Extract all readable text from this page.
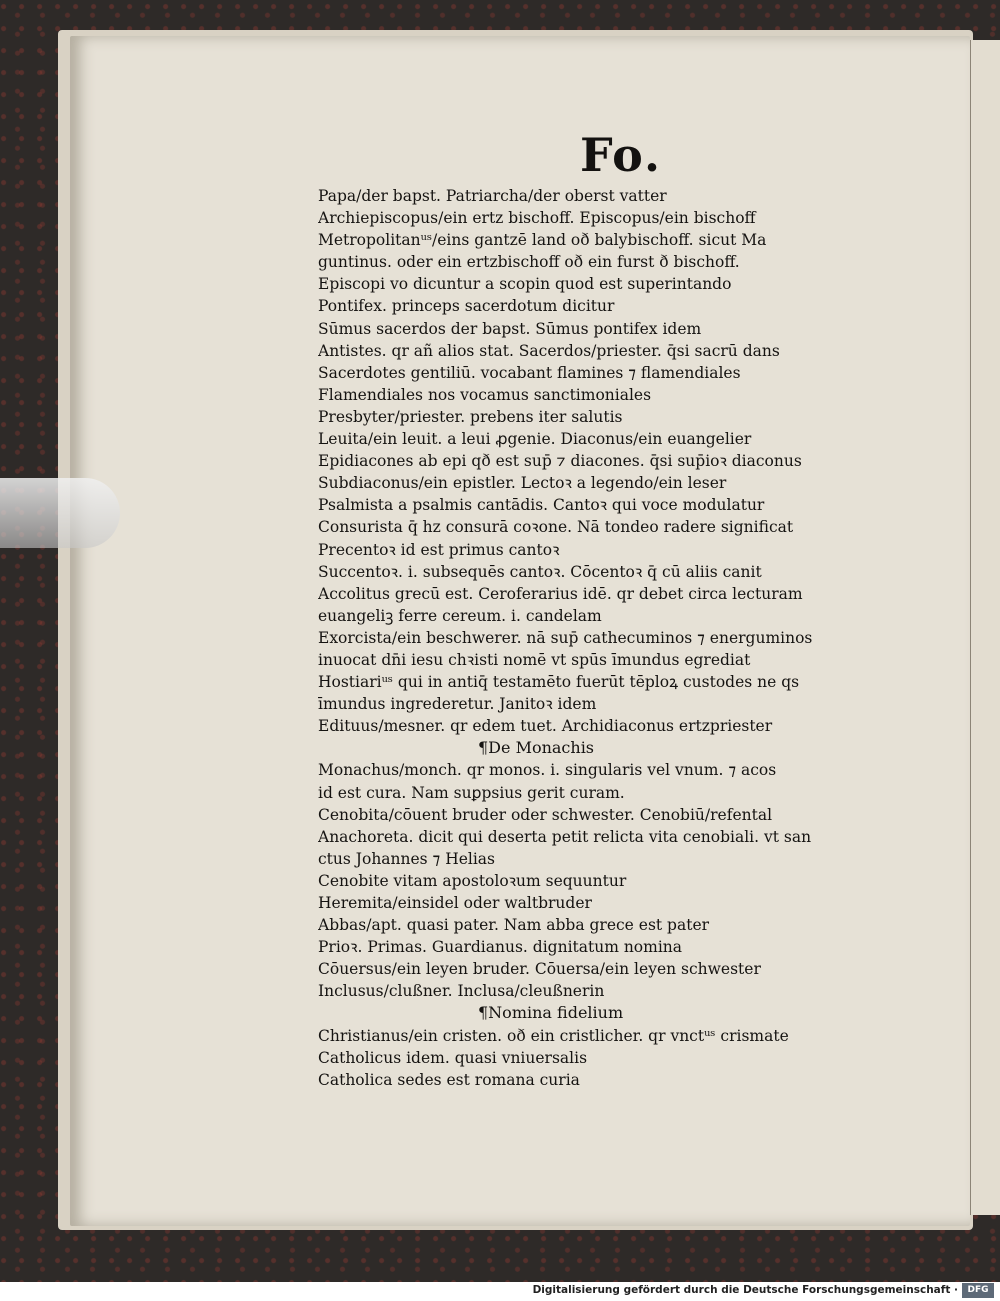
Fo.
Papa/der bapst. Patriarcha/der oberst vatter
Archiepiscopus/ein ertz bischoff. Episcopus/ein bischoff
Metropolitanᵘˢ/eins gantzē land oð balybischoff. sicut Ma
guntinus. oder ein ertzbischoff oð ein furst ð bischoff.
Episcopi vo dicuntur a scopin quod est superintando
Pontifex. princeps sacerdotum dicitur
Sūmus sacerdos der bapst. Sūmus pontifex idem
Antistes. qr añ alios stat. Sacerdos/priester. q̄si sacrū dans
Sacerdotes gentiliū. vocabant flamines ⁊ flamendiales
Flamendiales nos vocamus sanctimoniales
Presbyter/priester. prebens iter salutis
Leuita/ein leuit. a leui ꝓgenie. Diaconus/ein euangelier
Epidiacones ab epi qð est sup̄ ⁊ diacones. q̄si sup̄ioꝛ diaconus
Subdiaconus/ein epistler. Lectoꝛ a legendo/ein leser
Psalmista a psalmis cantādis. Cantoꝛ qui voce modulatur
Consurista q̄ hz consurā coꝛone. Nā tondeo radere significat
Precentoꝛ id est primus cantoꝛ
Succentoꝛ. i. subsequēs cantoꝛ. Cōcentoꝛ q̄ cū aliis canit
Accolitus grecū est. Ceroferarius idē. qr debet circa lecturam
euangeliꝫ ferre cereum. i. candelam
Exorcista/ein beschwerer. nā sup̄ cathecuminos ⁊ energuminos
inuocat dn̄i iesu chꝛisti nomē vt spūs īmundus egrediat
Hostiariᵘˢ qui in antiq̄ testamēto fuerūt tēploꝝ custodes ne qs
īmundus ingrederetur. Janitoꝛ idem
Edituus/mesner. qr edem tuet. Archidiaconus ertzpriester
¶De Monachis
Monachus/monch. qr monos. i. singularis vel vnum. ⁊ acos
id est cura. Nam suꝑpsius gerit curam.
Cenobita/cōuent bruder oder schwester. Cenobiū/refental
Anachoreta. dicit qui deserta petit relicta vita cenobiali. vt san
ctus Johannes ⁊ Helias
Cenobite vitam apostoloꝛum sequuntur
Heremita/einsidel oder waltbruder
Abbas/apt. quasi pater. Nam abba grece est pater
Prioꝛ. Primas. Guardianus. dignitatum nomina
Cōuersus/ein leyen bruder. Cōuersa/ein leyen schwester
Inclusus/clußner. Inclusa/cleußnerin
¶Nomina fidelium
Christianus/ein cristen. oð ein cristlicher. qr vnctᵘˢ crismate
Catholicus idem. quasi vniuersalis
Catholica sedes est romana curia
Digitalisierung gefördert durch die Deutsche Forschungsgemeinschaft ·	DFG
